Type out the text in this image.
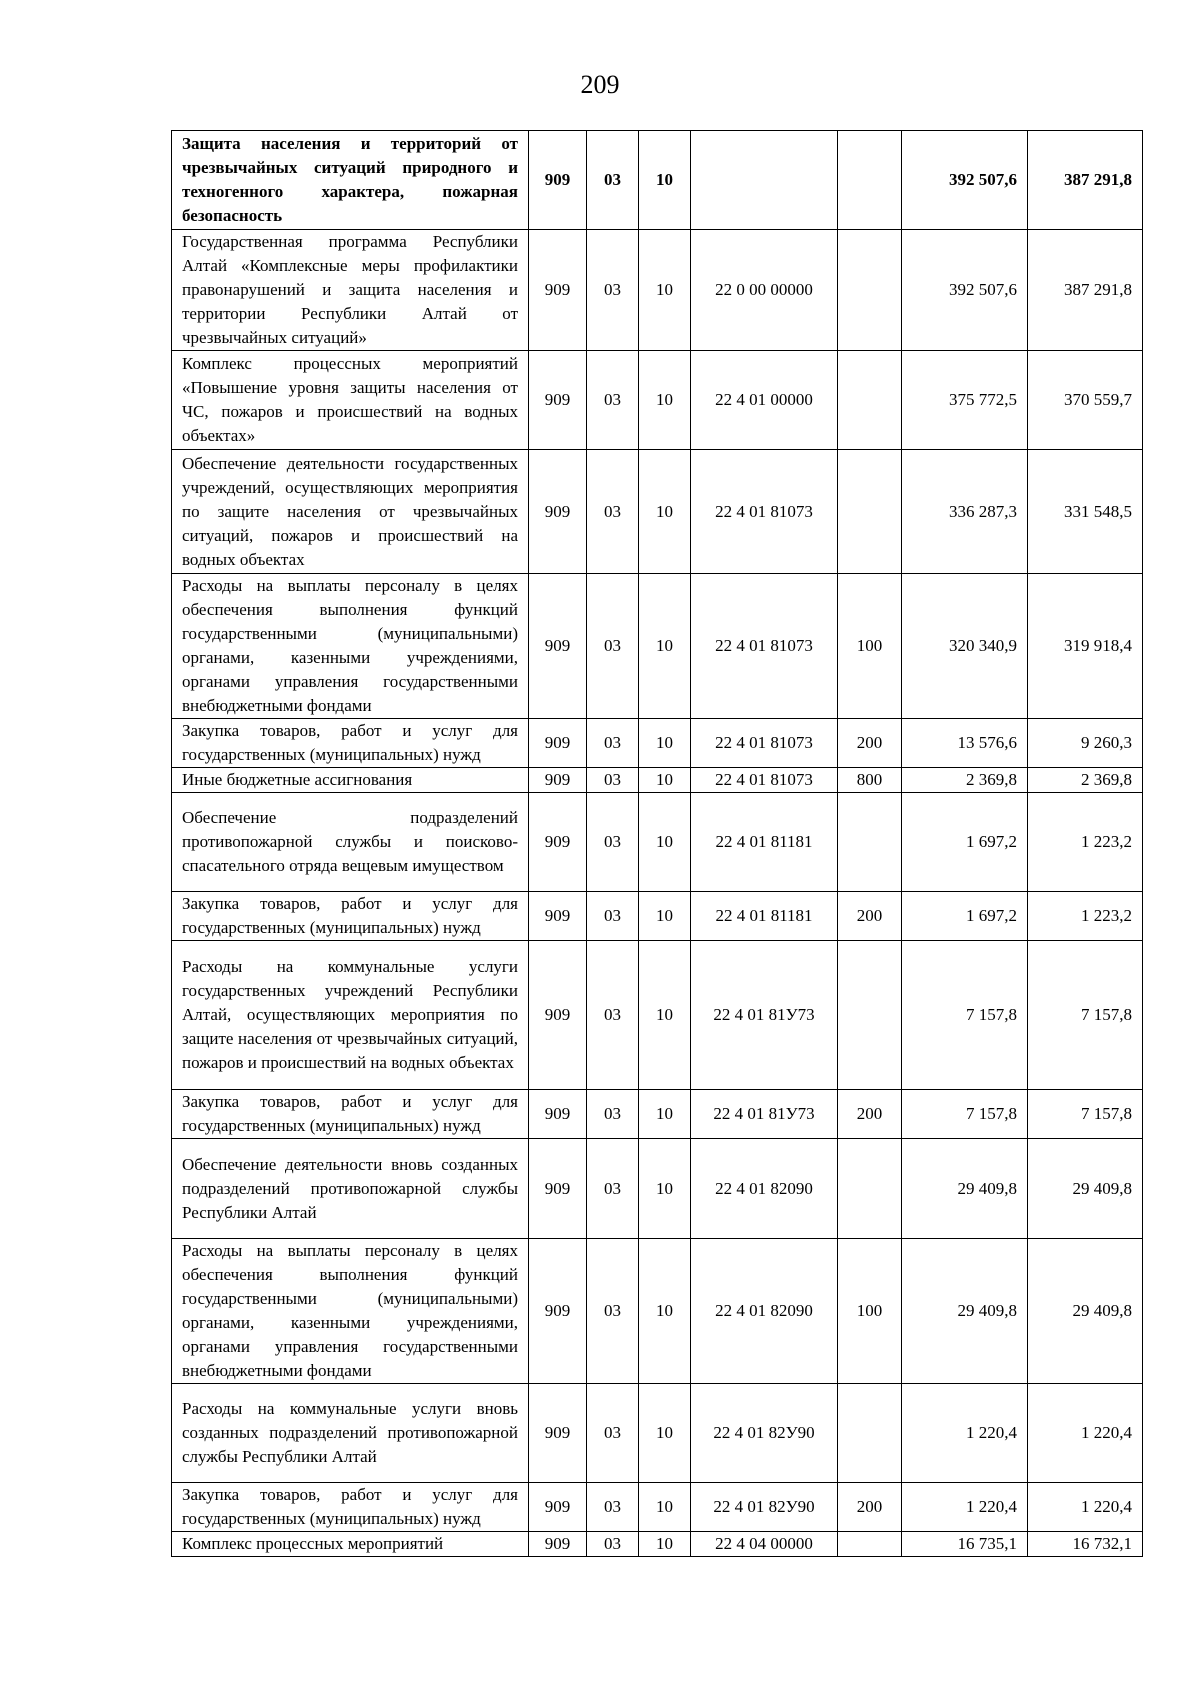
209
Защита населения и территорий от чрезвычайных ситуаций природного и техногенного характера, пожарная безопасность	909	03	10			392 507,6	387 291,8
Государственная программа Республики Алтай «Комплексные меры профилактики правонарушений и защита населения и территории Республики Алтай от чрезвычайных ситуаций»	909	03	10	22 0 00 00000		392 507,6	387 291,8
Комплекс процессных мероприятий «Повышение уровня защиты населения от ЧС, пожаров и происшествий на водных объектах»	909	03	10	22 4 01 00000		375 772,5	370 559,7
Обеспечение деятельности государственных учреждений, осуществляющих мероприятия по защите населения от чрезвычайных ситуаций, пожаров и происшествий на водных объектах	909	03	10	22 4 01 81073		336 287,3	331 548,5
Расходы на выплаты персоналу в целях обеспечения выполнения функций государственными (муниципальными) органами, казенными учреждениями, органами управления государственными внебюджетными фондами	909	03	10	22 4 01 81073	100	320 340,9	319 918,4
Закупка товаров, работ и услуг для государственных (муниципальных) нужд	909	03	10	22 4 01 81073	200	13 576,6	9 260,3
Иные бюджетные ассигнования	909	03	10	22 4 01 81073	800	2 369,8	2 369,8
Обеспечение подразделений противопожарной службы и поисково-спасательного отряда вещевым имуществом	909	03	10	22 4 01 81181		1 697,2	1 223,2
Закупка товаров, работ и услуг для государственных (муниципальных) нужд	909	03	10	22 4 01 81181	200	1 697,2	1 223,2
Расходы на коммунальные услуги государственных учреждений Республики Алтай, осуществляющих мероприятия по защите населения от чрезвычайных ситуаций, пожаров и происшествий на водных объектах	909	03	10	22 4 01 81У73		7 157,8	7 157,8
Закупка товаров, работ и услуг для государственных (муниципальных) нужд	909	03	10	22 4 01 81У73	200	7 157,8	7 157,8
Обеспечение деятельности вновь созданных подразделений противопожарной службы Республики Алтай	909	03	10	22 4 01 82090		29 409,8	29 409,8
Расходы на выплаты персоналу в целях обеспечения выполнения функций государственными (муниципальными) органами, казенными учреждениями, органами управления государственными внебюджетными фондами	909	03	10	22 4 01 82090	100	29 409,8	29 409,8
Расходы на коммунальные услуги вновь созданных подразделений противопожарной службы Республики Алтай	909	03	10	22 4 01 82У90		1 220,4	1 220,4
Закупка товаров, работ и услуг для государственных (муниципальных) нужд	909	03	10	22 4 01 82У90	200	1 220,4	1 220,4
Комплекс процессных мероприятий	909	03	10	22 4 04 00000		16 735,1	16 732,1
